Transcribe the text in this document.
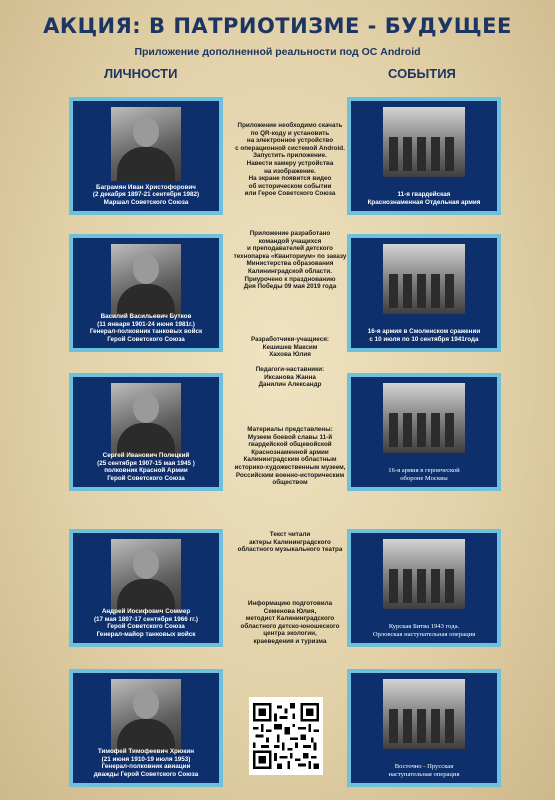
АКЦИЯ: В ПАТРИОТИЗМЕ - БУДУЩЕЕ
Приложение дополненной реальности под ОС Android
ЛИЧНОСТИ	СОБЫТИЯ
Баграмян Иван Христофорович
(2 декабря 1897-21 сентября 1982)
Маршал Советского Союза
Василий Васильевич Бутков
(11 января 1901-24 июня 1981г.)
Генерал-полковник танковых войск
Герой Советского Союза
Сергей Иванович Полецкий
(25 сентября 1907-15 мая 1945 )
полковник Красной Армии
Герой Советского Союза
Андрей Иосифович Соммер
(17 мая 1897-17 сентября 1966 гг.)
Герой Советского Союза
Генерал-майор танковых войск
Тимофей Тимофеевич Хрюкин
(21 июня 1910-19 июля 1953)
Генерал-полковник авиации
дважды Герой Советского Союза
11-я гвардейская
Краснознаменная Отдельная армия
16-я армия в Смоленском сражении
с 10 июля по 10 сентября 1941года
16-я армия в героической
обороне Москвы
Курская Битва 1943 года.
Орловская наступательная операция
Восточно - Прусская
наступательная операция
Приложение необходимо скачать
по QR-коду и установить
на электронное устройство
с операционной системой Android.
Запустить приложение.
Навести камеру устройства
на изображение.
На экране появится видео
об историческом событии
или Герое Советского Союза
Приложение разработано
командой учащихся
и преподавателей детского
технопарка «Кванториум» по заказу
Министерства образования
Калининградской области.
Приурочено к празднованию
Дня Победы 09 мая 2019 года
Разработчики-учащиеся:
Кешишев Максим
Хахова Юлия
Педагоги-наставники:
Иксанова Жанна
Данилин Александр
Материалы представлены:
Музеем боевой славы 11-й
гвардейской общевойской
Краснознаменной армии
Калининградским областным
историко-художественным музеем,
Российским военно-историческим
обществом
Текст читали
актеры Калининградского
областного музыкального театра
Информацию подготовила
Семенова Юлия,
методист Калининградского
областного детско-юношеского
центра экологии,
краеведения и туризма
